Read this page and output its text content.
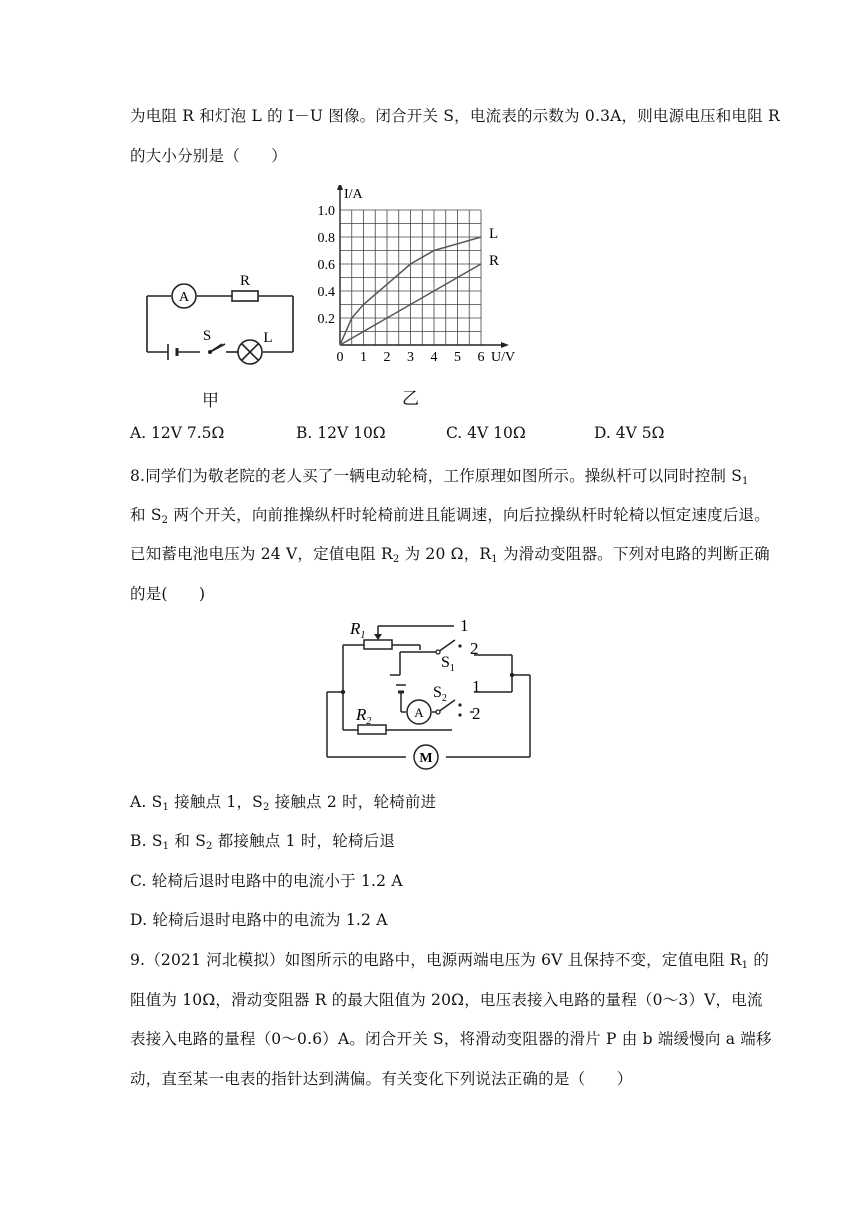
为电阻 R 和灯泡 L 的 I－U 图像。闭合开关 S，电流表的示数为 0.3A，则电源电压和电阻 R
的大小分别是（　　）
A
R
S	L
甲
0 1 2 3 4 5 6
0.2
0.4
0.6
0.8
1.0
U/V
I/A
L
R
乙
A. 12V 7.5Ω	B. 12V 10Ω	C. 4V 10Ω	D. 4V 5Ω
8.同学们为敬老院的老人买了一辆电动轮椅，工作原理如图所示。操纵杆可以同时控制 $S_1$
和 $S_2$ 两个开关，向前推操纵杆时轮椅前进且能调速，向后拉操纵杆时轮椅以恒定速度后退。
已知蓄电池电压为 24 V，定值电阻 $R_2$ 为 20 Ω，$R_1$ 为滑动变阻器。下列对电路的判断正确
的是(　　)
A
M
$R_1$
$R_2$
$S_1$
$S_2$
1
2
1
2
A. $S_1$ 接触点 1，$S_2$ 接触点 2 时，轮椅前进
B. $S_1$ 和 $S_2$ 都接触点 1 时，轮椅后退
C. 轮椅后退时电路中的电流小于 1.2 A
D. 轮椅后退时电路中的电流为 1.2 A
9.（2021 河北模拟）如图所示的电路中，电源两端电压为 6V 且保持不变，定值电阻 $R_1$ 的
阻值为 10Ω，滑动变阻器 R 的最大阻值为 20Ω，电压表接入电路的量程（0～3）V，电流
表接入电路的量程（0～0.6）A。闭合开关 S，将滑动变阻器的滑片 P 由 b 端缓慢向 a 端移
动，直至某一电表的指针达到满偏。有关变化下列说法正确的是（　　）
